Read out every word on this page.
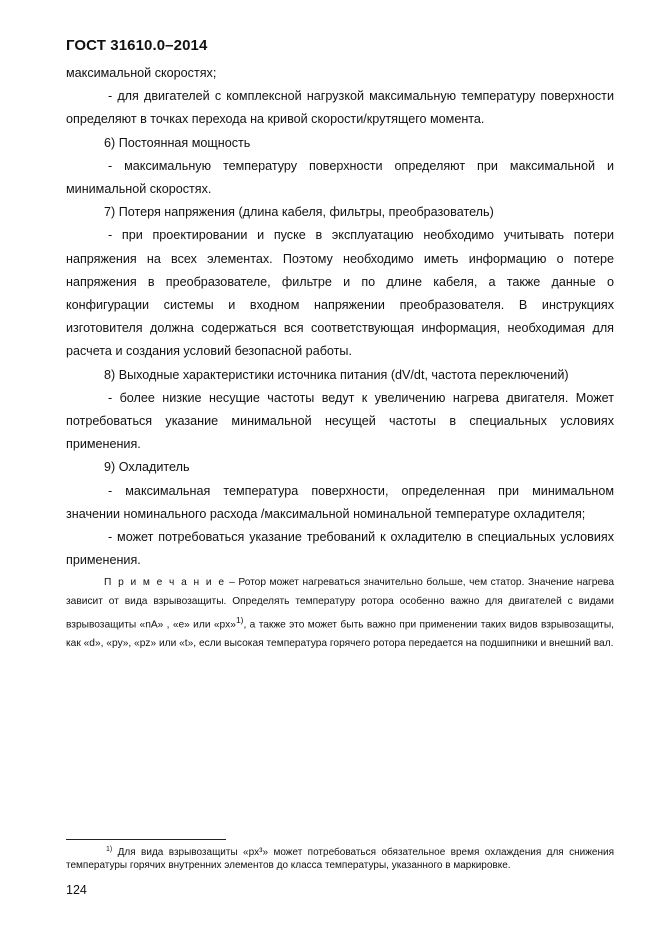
ГОСТ 31610.0–2014

максимальной скоростях;

- для двигателей с комплексной нагрузкой максимальную температуру поверхности определяют в точках перехода на кривой скорости/крутящего момента.

6) Постоянная мощность

- максимальную температуру поверхности определяют при максимальной и минимальной скоростях.

7) Потеря напряжения (длина кабеля, фильтры, преобразователь)

- при проектировании и пуске в эксплуатацию необходимо учитывать потери напряжения на всех элементах. Поэтому необходимо иметь информацию о потере напряжения в преобразователе, фильтре и по длине кабеля, а также данные о конфигурации системы и входном напряжении преобразователя. В инструкциях изготовителя должна содержаться вся соответствующая информация, необходимая для расчета и создания условий безопасной работы.

8) Выходные характеристики источника питания (dV/dt, частота переключений)

- более низкие несущие частоты ведут к увеличению нагрева двигателя. Может потребоваться указание минимальной несущей частоты в специальных условиях применения.

9) Охладитель

- максимальная температура поверхности, определенная при минимальном значении номинального расхода /максимальной номинальной температуре охладителя;

- может потребоваться указание требований к охладителю в специальных условиях применения.

П р и м е ч а н и е – Ротор может нагреваться значительно больше, чем статор. Значение нагрева зависит от вида взрывозащиты. Определять температуру ротора особенно важно для двигателей с видами взрывозащиты «nA» , «e» или «px»$^{1)}$, а также это может быть важно при применении таких видов взрывозащиты, как «d», «py», «pz» или «t», если высокая температура горячего ротора передается на подшипники и внешний вал.

$^{1)}$ Для вида взрывозащиты «px³» может потребоваться обязательное время охлаждения для снижения температуры горячих внутренних элементов до класса температуры, указанного в маркировке.

124
